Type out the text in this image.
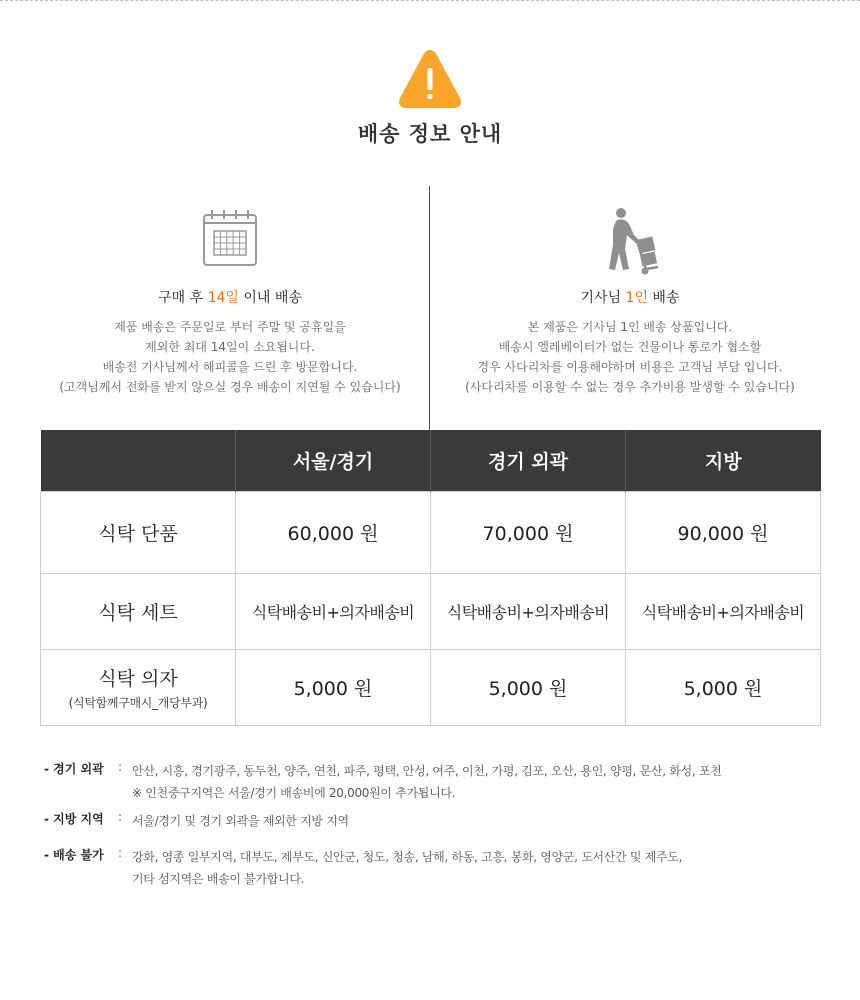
배송 정보 안내
구매 후 14일 이내 배송
제품 배송은 주문일로 부터 주말 및 공휴일을
제외한 최대 14일이 소요됩니다.
배송전 기사님께서 해피콜을 드린 후 방문합니다.
(고객님께서 전화를 받지 않으실 경우 배송이 지연될 수 있습니다)
기사님 1인 배송
본 제품은 기사님 1인 배송 상품입니다.
배송시 엘레베이터가 없는 건물이나 통로가 협소할
경우 사다리차를 이용해야하며 비용은 고객님 부담 입니다.
(사다리차를 이용할 수 없는 경우 추가비용 발생할 수 있습니다)
	서울/경기	경기 외곽	지방
식탁 단품	60,000 원	70,000 원	90,000 원
식탁 세트	식탁배송비+의자배송비	식탁배송비+의자배송비	식탁배송비+의자배송비
식탁 의자
(식탁함께구매시_개당부과)	5,000 원	5,000 원	5,000 원
- 경기 외곽	: 안산, 시흥, 경기광주, 동두천, 양주, 연천, 파주, 평택, 안성, 여주, 이천, 가평, 김포, 오산, 용인, 양평, 문산, 화성, 포천
※ 인천중구지역은 서울/경기 배송비에 20,000원이 추가됩니다.
- 지방 지역	: 서울/경기 및 경기 외곽을 제외한 지방 지역
- 배송 불가	: 강화, 영종 일부지역, 대부도, 제부도, 신안군, 청도, 청송, 남해, 하동, 고흥, 봉화, 영양군, 도서산간 및 제주도,
기타 섬지역은 배송이 불가합니다.
